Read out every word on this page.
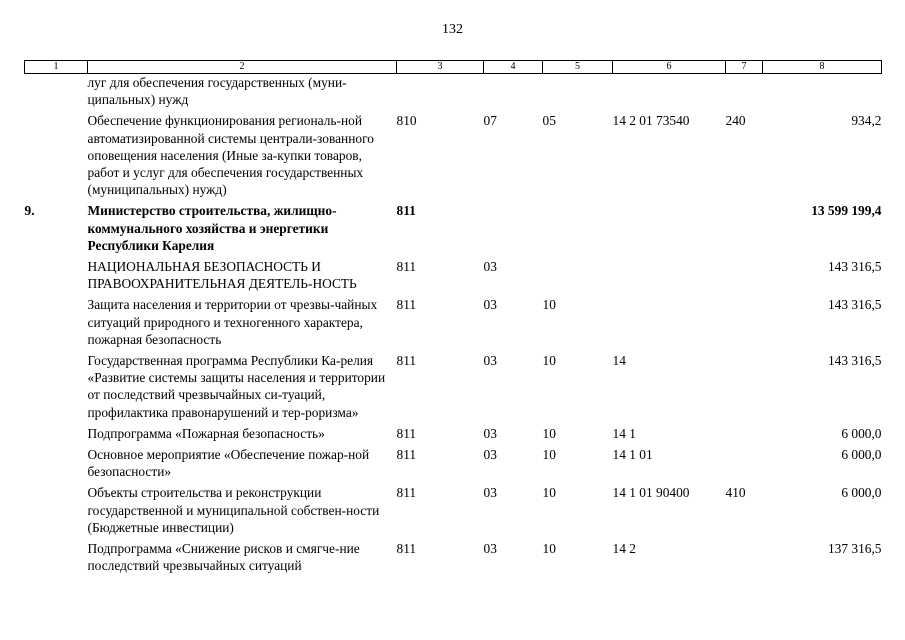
132
1	2	3	4	5	6	7	8
	луг для обеспечения государственных (муни-ципальных) нужд						
	Обеспечение функционирования региональ-ной автоматизированной системы централи-зованного оповещения населения (Иные за-купки товаров, работ и услуг для обеспечения государственных (муниципальных) нужд)	810	07	05	14 2 01 73540	240	934,2
9.	Министерство строительства, жилищно-коммунального хозяйства и энергетики Республики Карелия	811					13 599 199,4
	НАЦИОНАЛЬНАЯ БЕЗОПАСНОСТЬ И ПРАВООХРАНИТЕЛЬНАЯ ДЕЯТЕЛЬ-НОСТЬ	811	03				143 316,5
	Защита населения и территории от чрезвы-чайных ситуаций природного и техногенного характера, пожарная безопасность	811	03	10			143 316,5
	Государственная программа Республики Ка-релия «Развитие системы защиты населения и территории от последствий чрезвычайных си-туаций, профилактика правонарушений и тер-роризма»	811	03	10	14		143 316,5
	Подпрограмма «Пожарная безопасность»	811	03	10	14 1		6 000,0
	Основное мероприятие «Обеспечение пожар-ной безопасности»	811	03	10	14 1 01		6 000,0
	Объекты строительства и реконструкции государственной и муниципальной собствен-ности (Бюджетные инвестиции)	811	03	10	14 1 01 90400	410	6 000,0
	Подпрограмма «Снижение рисков и смягче-ние последствий чрезвычайных ситуаций	811	03	10	14 2		137 316,5
